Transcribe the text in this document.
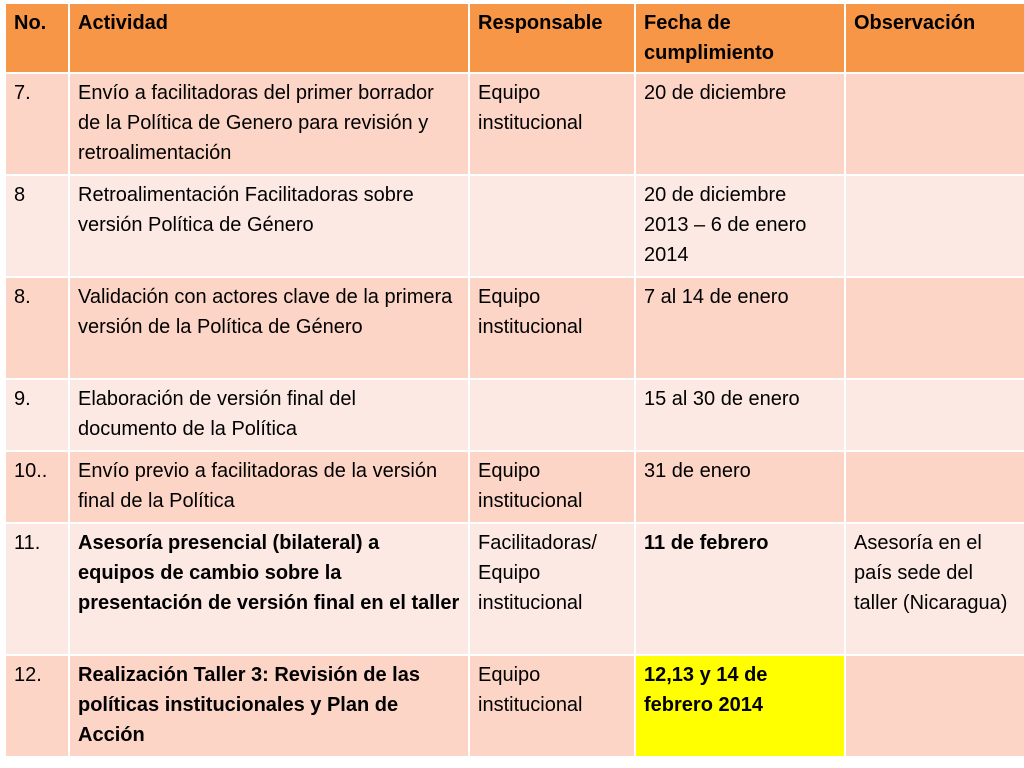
No.	Actividad	Responsable	Fecha de cumplimiento	Observación
7.	Envío a facilitadoras del primer borrador de la Política de Genero para revisión y retroalimentación	Equipo institucional	20 de diciembre	
8	Retroalimentación Facilitadoras sobre versión Política de Género		20 de diciembre 2013 – 6 de enero 2014	
8.	Validación con actores clave de la primera versión de la Política de Género	Equipo institucional	7 al 14 de enero	
9.	Elaboración de versión final del documento de la Política		15 al 30 de enero	
10..	Envío previo a facilitadoras de la versión final de la Política	Equipo institucional	31 de enero	
11.	Asesoría presencial (bilateral) a equipos de cambio sobre la presentación de versión final en el taller	Facilitadoras/ Equipo institucional	11 de febrero	Asesoría en el país sede del taller (Nicaragua)
12.	Realización Taller 3: Revisión de las políticas institucionales y Plan de Acción	Equipo institucional	12,13 y 14 de febrero 2014	
